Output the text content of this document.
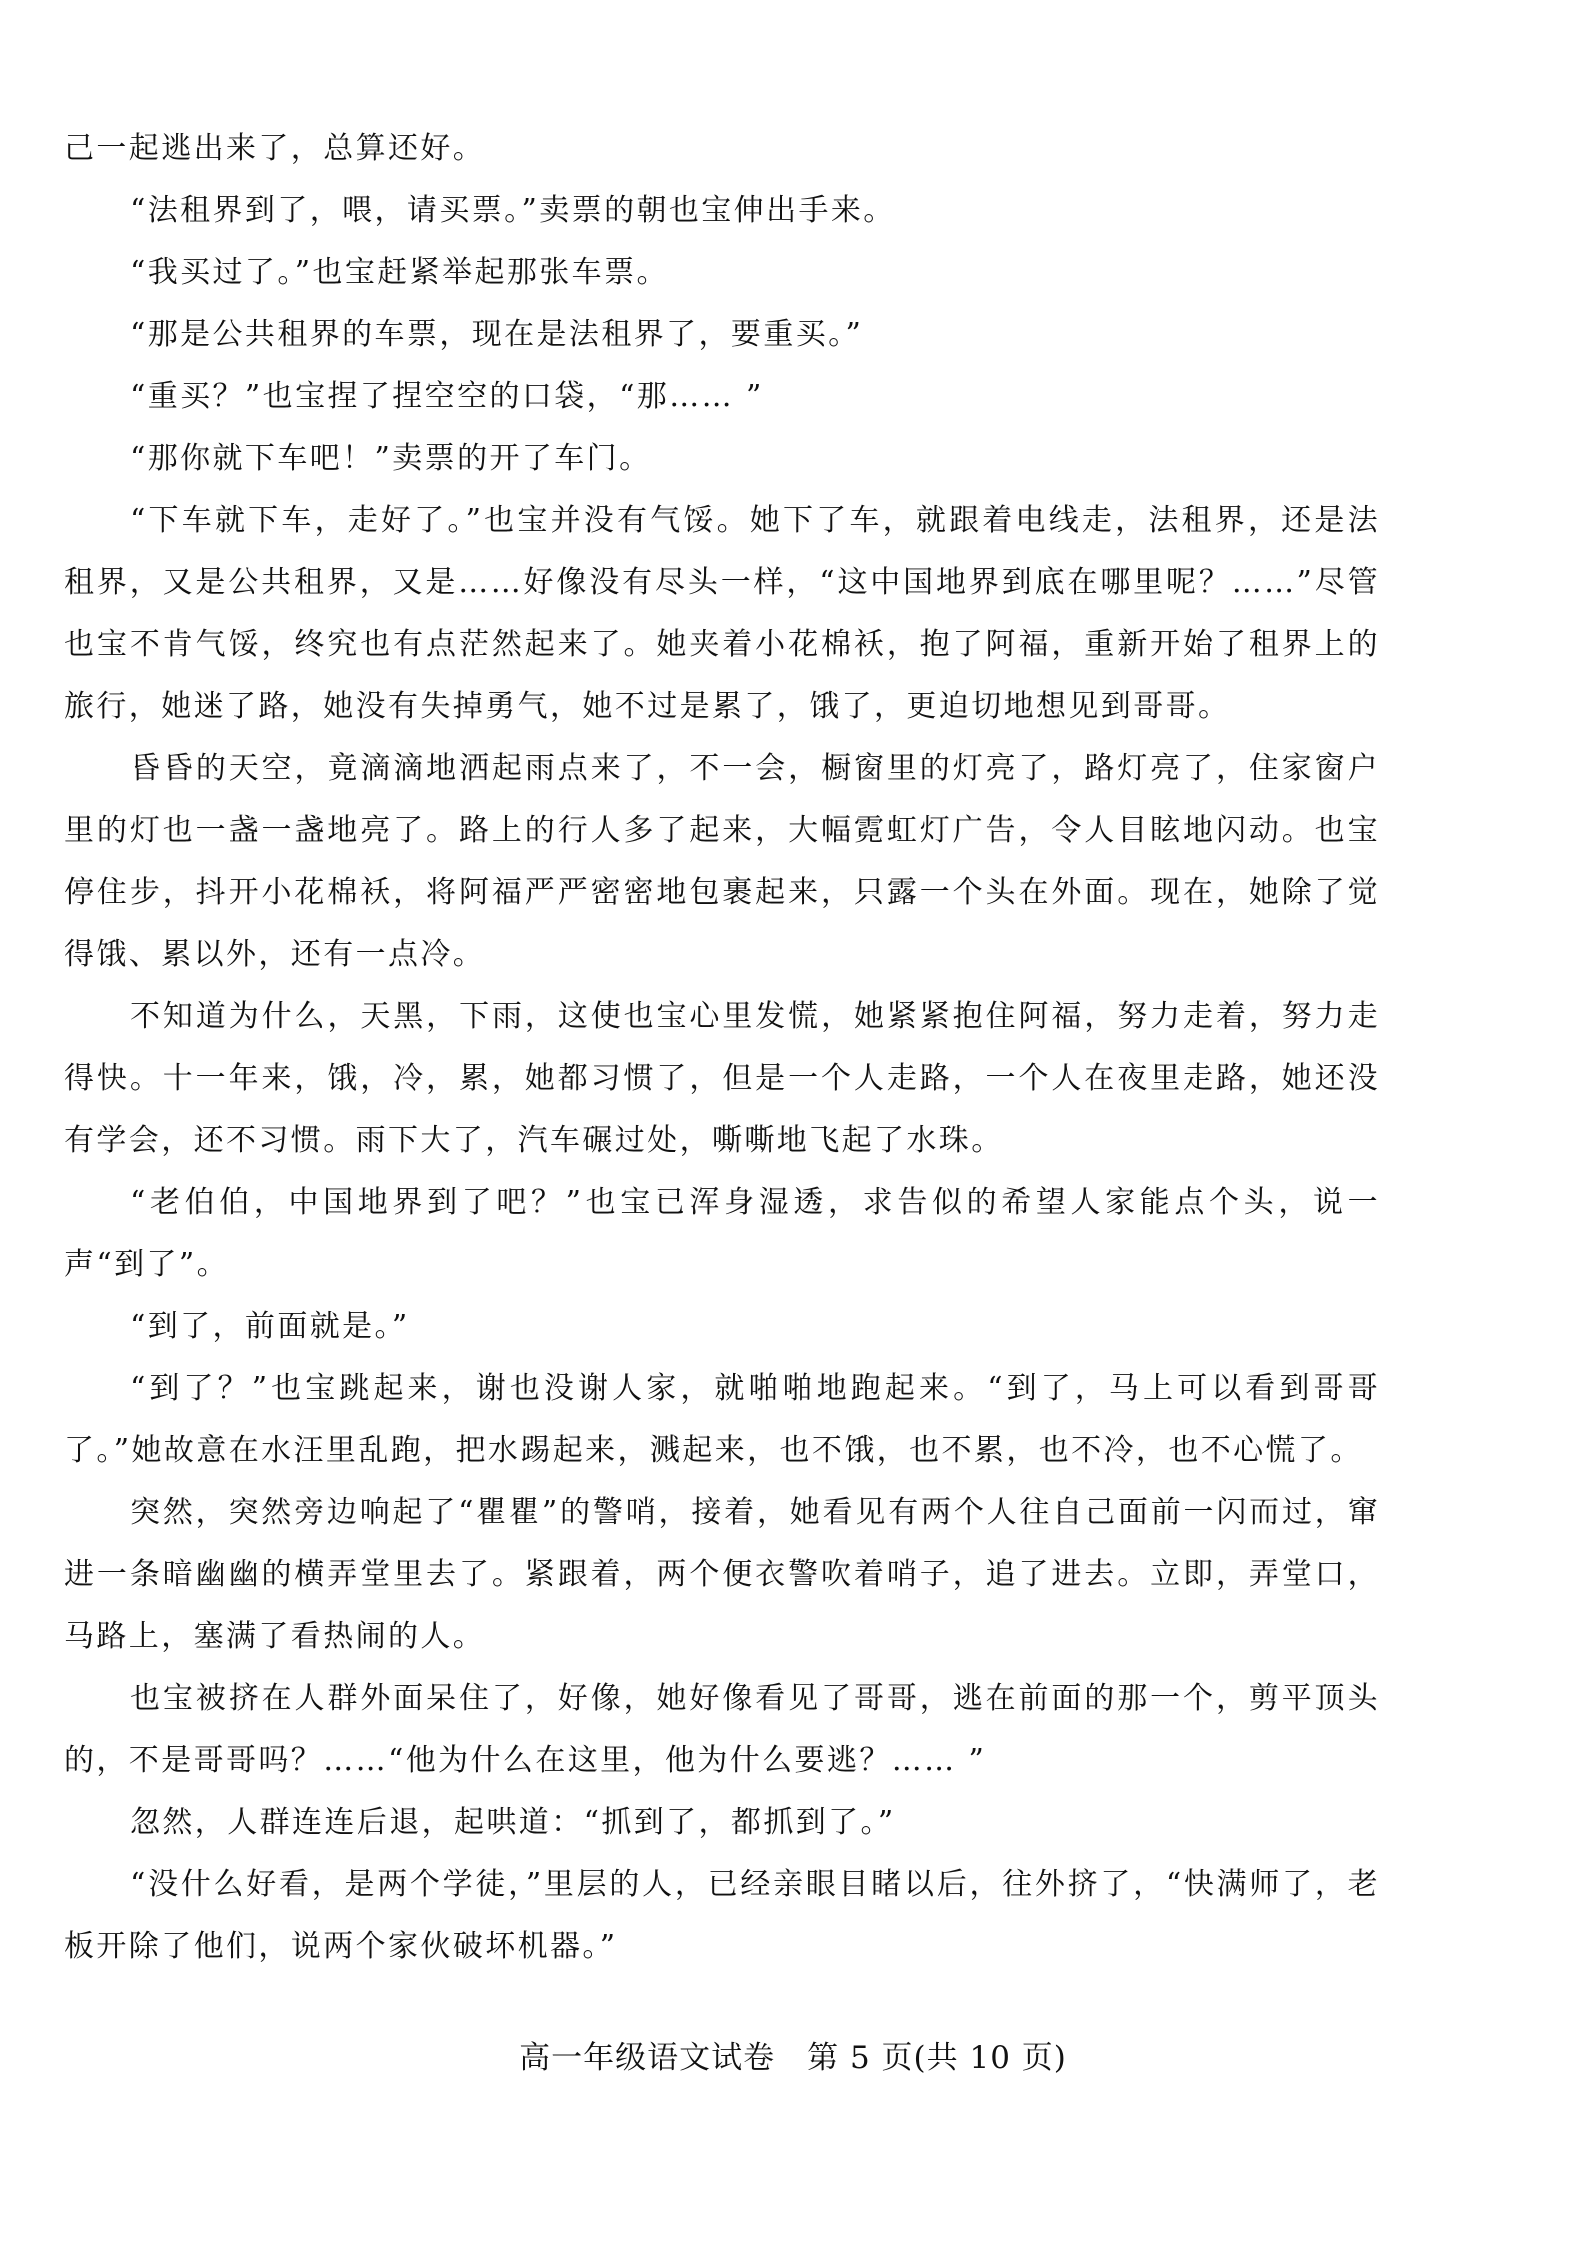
己一起逃出来了，总算还好。

“法租界到了，喂，请买票。”卖票的朝也宝伸出手来。

“我买过了。”也宝赶紧举起那张车票。

“那是公共租界的车票，现在是法租界了，要重买。”

“重买？”也宝捏了捏空空的口袋，“那…… ”

“那你就下车吧！”卖票的开了车门。

“下车就下车，走好了。”也宝并没有气馁。她下了车，就跟着电线走，法租界，还是法租界，又是公共租界，又是……好像没有尽头一样，“这中国地界到底在哪里呢？……”尽管也宝不肯气馁，终究也有点茫然起来了。她夹着小花棉袄，抱了阿福，重新开始了租界上的旅行，她迷了路，她没有失掉勇气，她不过是累了，饿了，更迫切地想见到哥哥。

昏昏的天空，竟滴滴地洒起雨点来了，不一会，橱窗里的灯亮了，路灯亮了，住家窗户里的灯也一盏一盏地亮了。路上的行人多了起来，大幅霓虹灯广告，令人目眩地闪动。也宝停住步，抖开小花棉袄，将阿福严严密密地包裹起来，只露一个头在外面。现在，她除了觉得饿、累以外，还有一点冷。

不知道为什么，天黑，下雨，这使也宝心里发慌，她紧紧抱住阿福，努力走着，努力走得快。十一年来，饿，冷，累，她都习惯了，但是一个人走路，一个人在夜里走路，她还没有学会，还不习惯。雨下大了，汽车碾过处，嘶嘶地飞起了水珠。

“老伯伯，中国地界到了吧？”也宝已浑身湿透，求告似的希望人家能点个头，说一声“到了”。

“到了，前面就是。”

“到了？”也宝跳起来，谢也没谢人家，就啪啪地跑起来。“到了，马上可以看到哥哥了。”她故意在水汪里乱跑，把水踢起来，溅起来，也不饿，也不累，也不冷，也不心慌了。

突然，突然旁边响起了“瞿瞿”的警哨，接着，她看见有两个人往自己面前一闪而过，窜进一条暗幽幽的横弄堂里去了。紧跟着，两个便衣警吹着哨子，追了进去。立即，弄堂口，马路上，塞满了看热闹的人。

也宝被挤在人群外面呆住了，好像，她好像看见了哥哥，逃在前面的那一个，剪平顶头的，不是哥哥吗？……“他为什么在这里，他为什么要逃？…… ”

忽然，人群连连后退，起哄道：“抓到了，都抓到了。”

“没什么好看，是两个学徒，”里层的人，已经亲眼目睹以后，往外挤了，“快满师了，老板开除了他们，说两个家伙破坏机器。”

高一年级语文试卷　第 5 页(共 10 页)
